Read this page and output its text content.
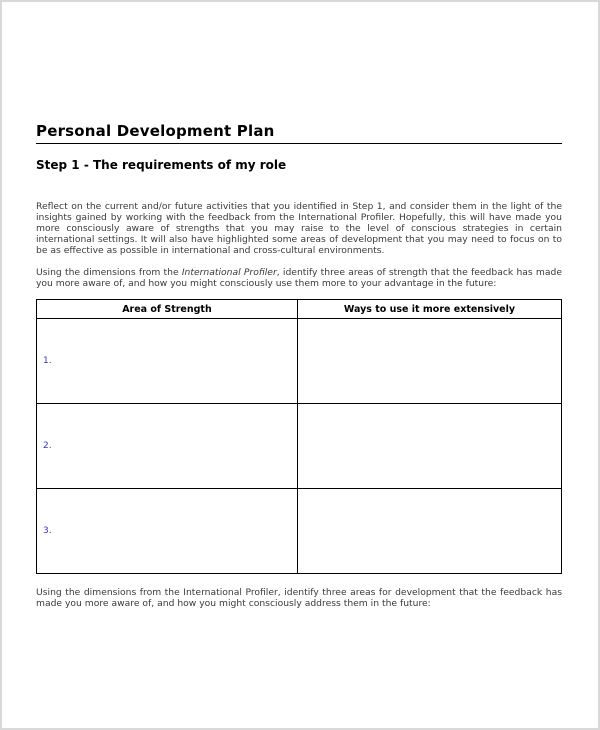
Personal Development Plan
Step 1 - The requirements of my role

Reflect on the current and/or future activities that you identified in Step 1, and consider them in the light of the insights gained by working with the feedback from the International Profiler. Hopefully, this will have made you more consciously aware of strengths that you may raise to the level of conscious strategies in certain international settings. It will also have highlighted some areas of development that you may need to focus on to be as effective as possible in international and cross-cultural environments.

Using the dimensions from the International Profiler, identify three areas of strength that the feedback has made you more aware of, and how you might consciously use them more to your advantage in the future:

Area of Strength	Ways to use it more extensively
1.	
2.	
3.	

Using the dimensions from the International Profiler, identify three areas for development that the feedback has made you more aware of, and how you might consciously address them in the future:
